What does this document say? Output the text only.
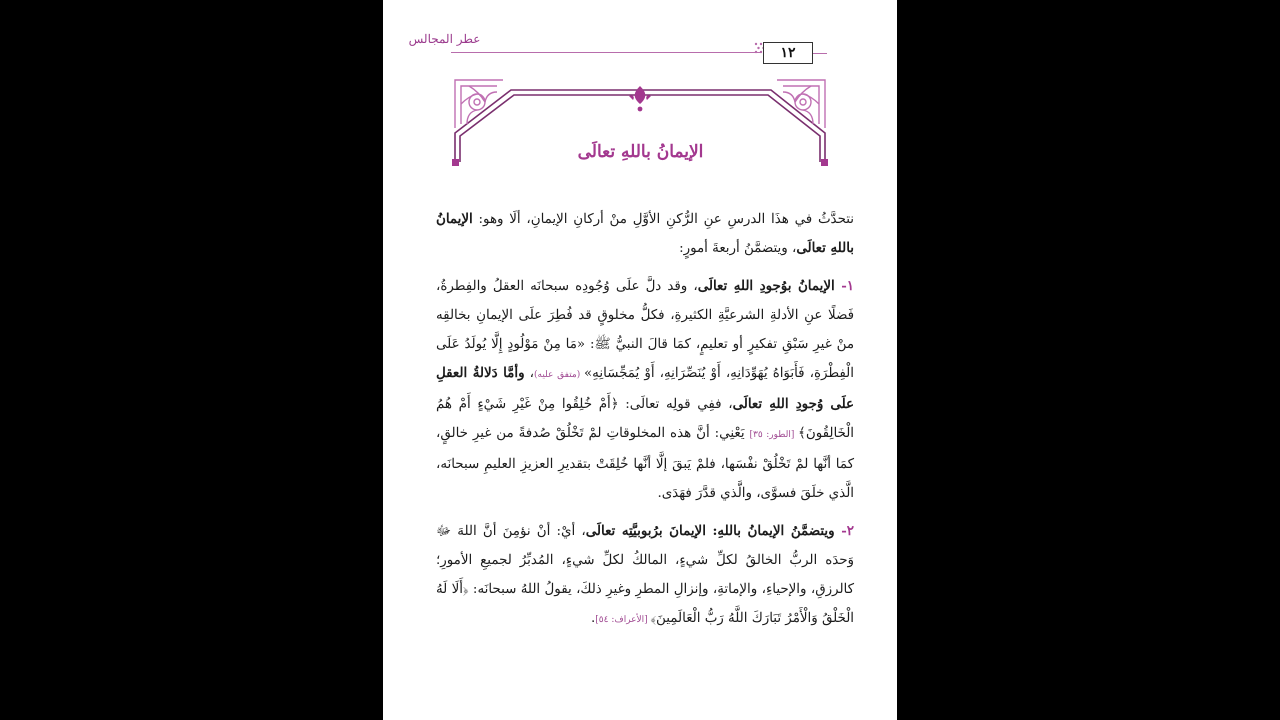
عطر المجالس
١٢
الإيمانُ باللهِ تعالَى

نتحدَّثُ في هذَا الدرسِ عنِ الرُّكنِ الأوَّلِ منْ أركانِ الإيمانِ، ألَا وهو: الإيمانُ باللهِ تعالَى، ويتضمَّنُ أربعةَ أمورٍ:

١- الإيمانُ بوُجودِ اللهِ تعالَى، وقد دلَّ علَى وُجُودِه سبحانَه العقلُ والفِطرةُ، فَضلًا عنِ الأدلةِ الشرعيَّةِ الكثيرةِ، فكلُّ مخلوقٍ قد فُطِرَ علَى الإيمانِ بخالقِه منْ غيرِ سَبْقِ تفكيرٍ أو تعليمٍ، كمَا قالَ النبيُّ ﷺ: «مَا مِنْ مَوْلُودٍ إِلَّا يُولَدُ عَلَى الْفِطْرَةِ، فَأَبَوَاهُ يُهَوِّدَانِهِ، أَوْ يُنَصِّرَانِهِ، أَوْ يُمَجِّسَانِهِ» (متفق عليه)، وأمَّا دَلالةُ العقلِ علَى وُجودِ اللهِ تعالَى، ففِي قولِه تعالَى: ﴿أَمْ خُلِقُوا مِنْ غَيْرِ شَيْءٍ أَمْ هُمُ الْخَالِقُونَ﴾ [الطور: ٣٥] يَعْنِي: أنَّ هذه المخلوقاتِ لمْ تَخْلُقْ صُدفةً من غيرِ خالقٍ، كمَا أنَّها لمْ تَخْلُقْ نفْسَها، فلمْ يَبقَ إلَّا أنَّها خُلِقَتْ بتقديرِ العزيزِ العليمِ سبحانَه، الَّذي خلَقَ فسوَّى، والَّذي قدَّرَ فهَدَى.

٢- ويتضمَّنُ الإيمانُ باللهِ: الإيمانَ برُبوبيَّتِه تعالَى، أيْ: أنْ نؤمِنَ أنَّ اللهَ ﷻ وَحدَه الربُّ الخالقُ لكلِّ شيءٍ، المالكُ لكلِّ شيءٍ، المُدبِّرُ لجميعِ الأمورِ؛ كالرزقِ، والإحياءِ، والإماتةِ، وإنزالِ المطرِ وغيرِ ذلكَ، يقولُ اللهُ سبحانَه: ﴿أَلَا لَهُ الْخَلْقُ وَالْأَمْرُ تَبَارَكَ اللَّهُ رَبُّ الْعَالَمِينَ﴾ [الأعراف: ٥٤].
